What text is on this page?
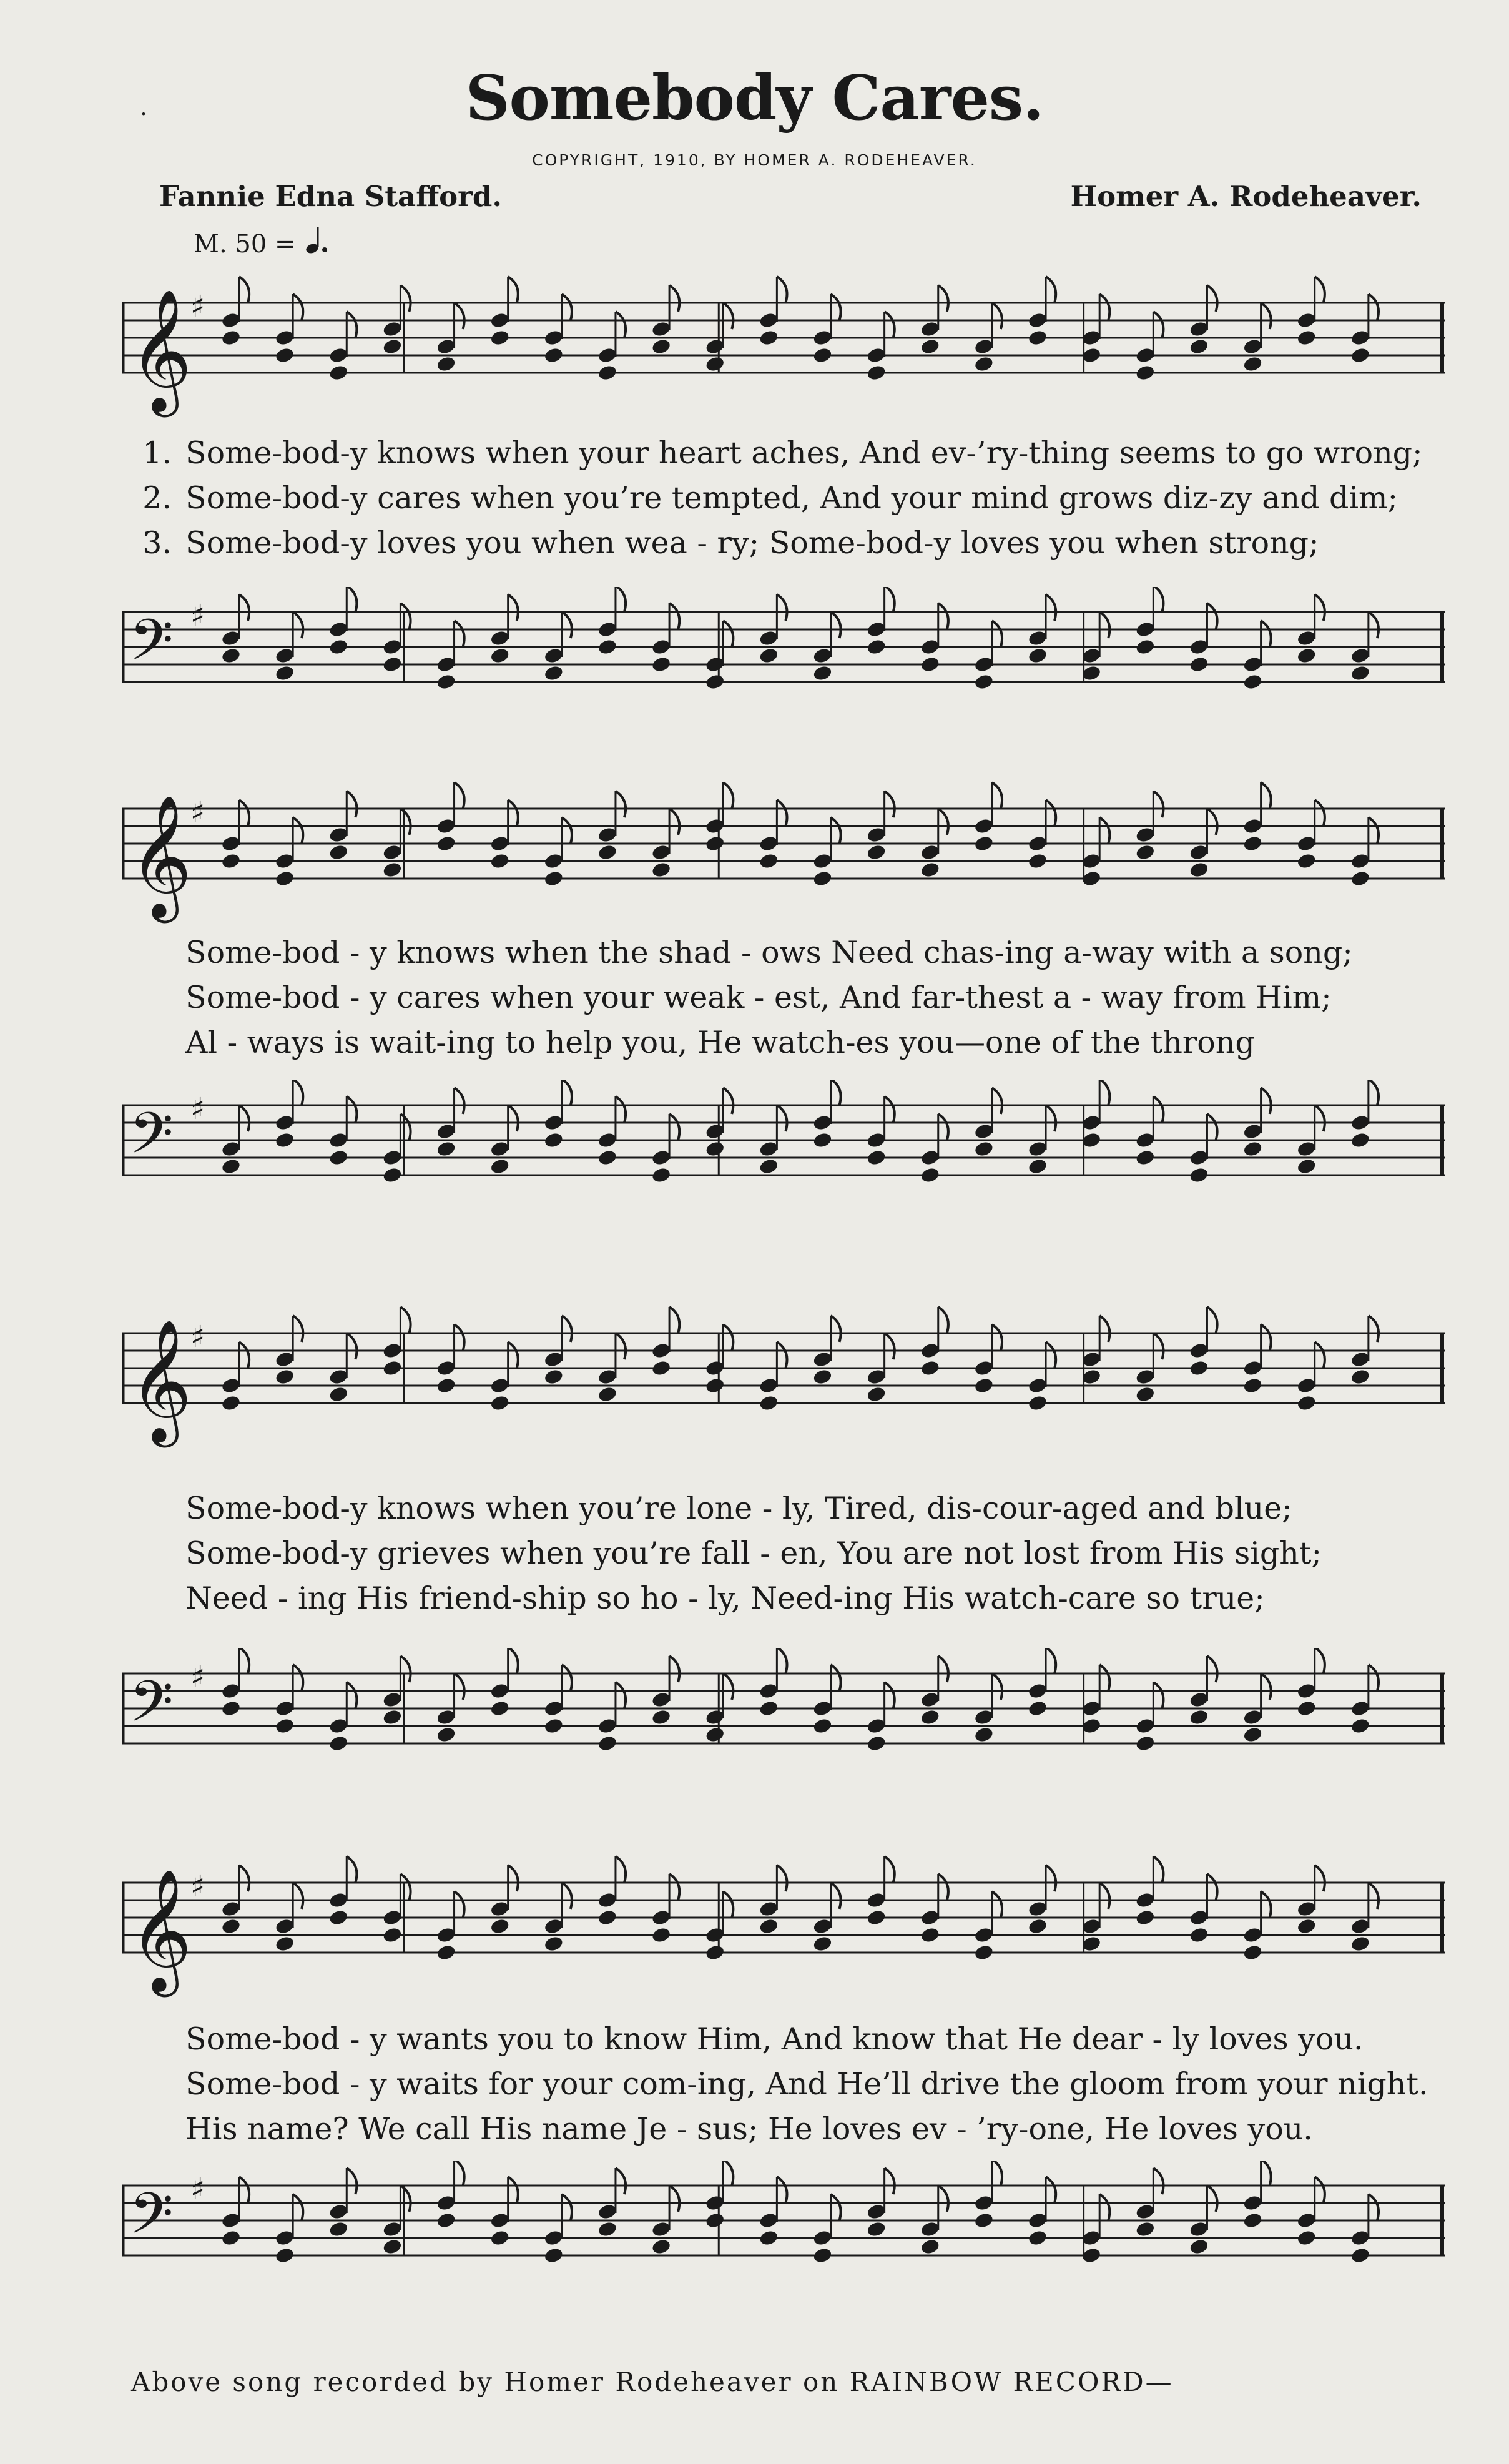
Somebody Cares.
COPYRIGHT, 1910, BY HOMER A. RODEHEAVER.
Fannie Edna Stafford.	Homer A. Rodeheaver.
M. 50 =
˙
𝄞
♯
1. Some-bod-y knows when your heart aches, And ev-’ry-thing seems to go wrong;
2. Some-bod-y cares when you’re tempted, And your mind grows diz-zy and dim;
3. Some-bod-y loves you when wea - ry; Some-bod-y loves you when strong;
𝄢 ♯
𝄞
♯
Some-bod - y knows when the shad - ows Need chas-ing a-way with a song;
Some-bod - y cares when your weak - est, And far-thest a - way from Him;
Al - ways is wait-ing to help you, He watch-es you—one of the throng
𝄢 ♯
𝄞
♯
Some-bod-y knows when you’re lone - ly, Tired, dis-cour-aged and blue;
Some-bod-y grieves when you’re fall - en, You are not lost from His sight;
Need - ing His friend-ship so ho - ly, Need-ing His watch-care so true;
𝄢 ♯
𝄞
♯
Some-bod - y wants you to know Him, And know that He dear - ly loves you.
Some-bod - y waits for your com-ing, And He’ll drive the gloom from your night.
His name? We call His name Je - sus; He loves ev - ’ry-one, He loves you.
𝄢 ♯
Above song recorded by Homer Rodeheaver on RAINBOW RECORD—
